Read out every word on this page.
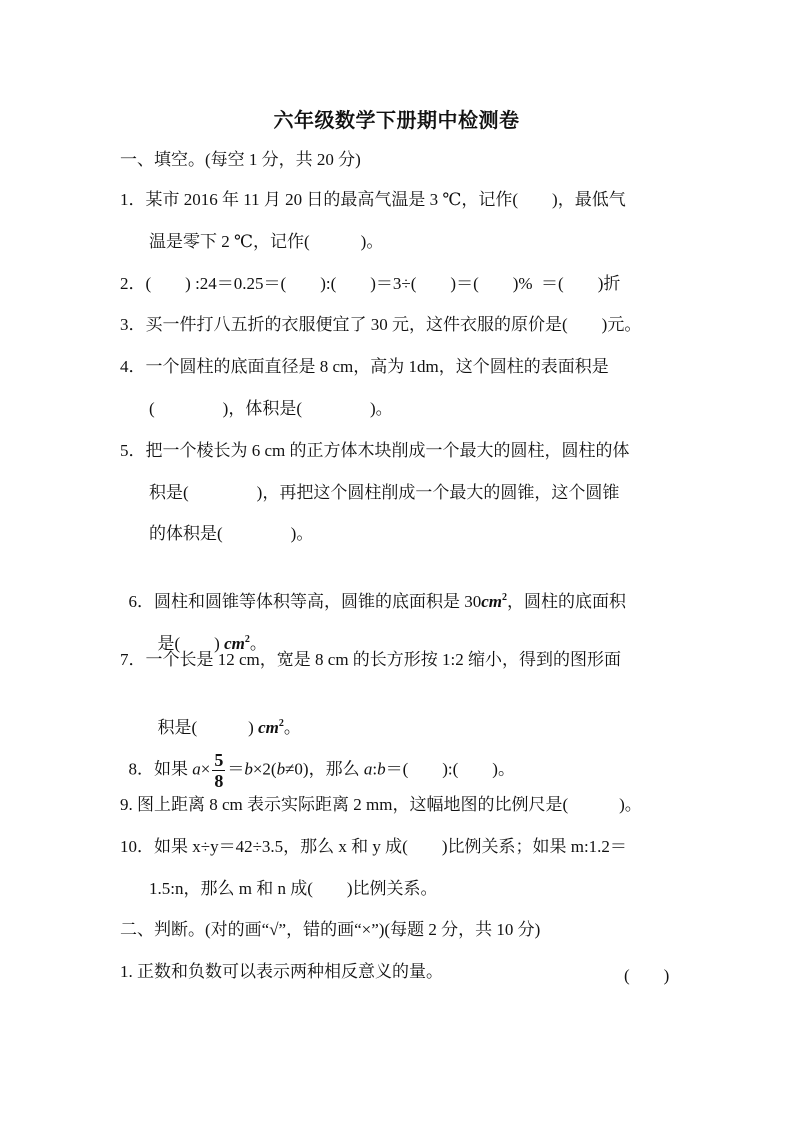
六年级数学下册期中检测卷
一、填空。(每空 1 分，共 20 分)
1．某市 2016 年 11 月 20 日的最高气温是 3 ℃，记作(　　)，最低气
温是零下 2 ℃，记作(　　　)。
2．(　　) :24＝0.25＝(　　):(　　)＝3÷(　　)＝(　　)%  ＝(　　)折
3．买一件打八五折的衣服便宜了 30 元，这件衣服的原价是(　　)元。
4．一个圆柱的底面直径是 8 cm，高为 1dm，这个圆柱的表面积是
(　　　　)，体积是(　　　　)。
5．把一个棱长为 6 cm 的正方体木块削成一个最大的圆柱，圆柱的体
积是(　　　　)，再把这个圆柱削成一个最大的圆锥，这个圆锥
的体积是(　　　　)。

6．圆柱和圆锥等体积等高，圆锥的底面积是 $30cm^2$，圆柱的底面积

是(　　) $cm^2$。

7．一个长是 12 cm，宽是 8 cm 的长方形按 1:2 缩小，得到的图形面

积是(　　　) $cm^2$。

8．如果 $a\times \frac{5}{8} =b\times 2(b\ne 0)$，那么 a:b＝(　　):(　　)。

9. 图上距离 8 cm 表示实际距离 2 mm，这幅地图的比例尺是(　　　)。
10．如果 x÷y＝42÷3.5，那么 x 和 y 成(　　)比例关系；如果 m:1.2＝
1.5:n，那么 m 和 n 成(　　)比例关系。
二、判断。(对的画“√”，错的画“×”)(每题 2 分，共 10 分)
1. 正数和负数可以表示两种相反意义的量。	(　　)
